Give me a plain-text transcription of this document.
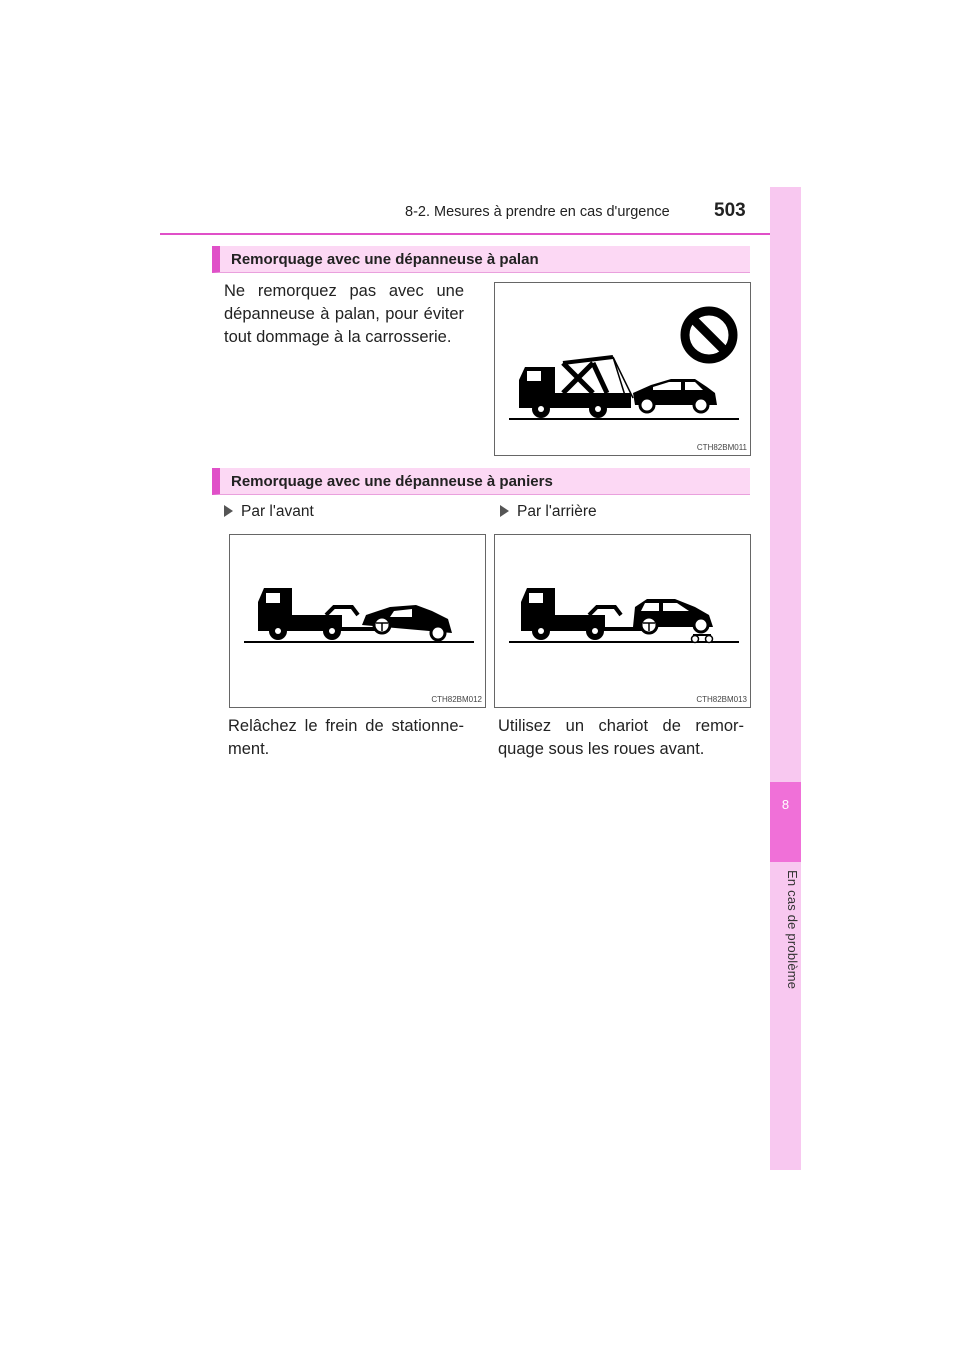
8-2. Mesures à prendre en cas d'urgence 503
8
En cas de problème
Remorquage avec une dépanneuse à palan
Ne remorquez pas avec une dépanneuse à palan, pour éviter tout dommage à la carrosserie.
CTH82BM011
Remorquage avec une dépanneuse à paniers
Par l'avant	Par l'arrière
CTH82BM012	CTH82BM013
Relâchez le frein de stationne-ment.
Utilisez un chariot de remor-quage sous les roues avant.
